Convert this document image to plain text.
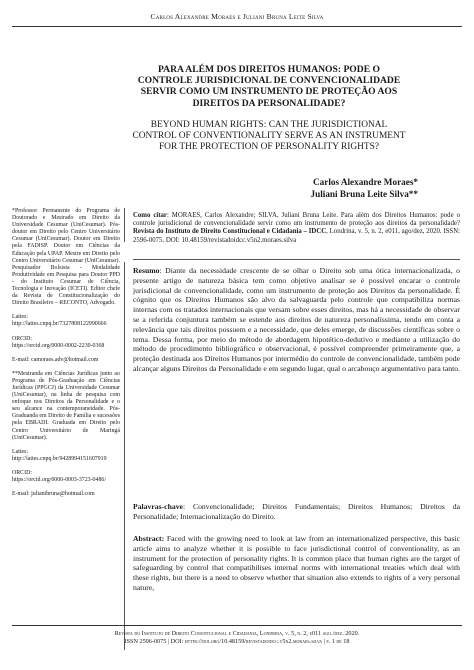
Carlos Alexandre Moraes e Juliani Bruna Leite Silva
PARA ALÉM DOS DIREITOS HUMANOS: PODE O CONTROLE JURISDICIONAL DE CONVENCIONALIDADE SERVIR COMO UM INSTRUMENTO DE PROTEÇÃO AOS DIREITOS DA PERSONALIDADE?
BEYOND HUMAN RIGHTS: CAN THE JURISDICTIONAL CONTROL OF CONVENTIONALITY SERVE AS AN INSTRUMENT FOR THE PROTECTION OF PERSONALITY RIGHTS?
Carlos Alexandre Moraes*
Juliani Bruna Leite Silva**

*Professor Permanente do Programa de Doutorado e Mestrado em Direito da Universidade Cesumar (UniCesumar). Pós-doutor em Direito pelo Centro Universitário Cesumar (UniCesumar). Doutor em Direito pela FADISP. Doutor em Ciências da Educação pela UPAP. Mestre em Direito pelo Centro Universitário Cesumar (UniCesumar). Pesquisador Bolsista - Modalidade Produtividade em Pesquisa para Doutor PPD - do Instituto Cesumar de Ciência, Tecnologia e Inovação (ICETI). Editor chefe da Revista de Constitucionalização do Direito Brasileiro – RECONTO, Advogado.

Lattes: http://lattes.cnpq.br/7327808122990666

ORCID:

https://orcid.org/0000-0002-2230-0368

E-mail: camoraes.adv@hotmail.com

**Mestranda em Ciências Jurídicas junto ao Programa de Pós-Graduação em Ciências Jurídicas (PPGCJ) da Universidade Cesumar (UniCesumar), na linha de pesquisa com enfoque nos Direitos da Personalidade e o seu alcance na contemporaneidade. Pós-Graduanda em Direito de Família e sucessões pela EBRADI. Graduada em Direito pelo Centro Universitário de Maringá (UniCesumar).

Lattes: http://lattes.cnpq.br/9428994151607919

ORCID:

https://orcid.org/0000-0003-3723-0486/

E-mail: julianibruna@hotmail.com

Como citar: MORAES, Carlos Alexandre; SILVA, Juliani Bruna Leite. Para além dos Direitos Humanos: pode o controle jurisdicional de convencionalidade servir como um instrumento de proteção aos direitos da personalidade? Revista do Instituto de Direito Constitucional e Cidadania – IDCC, Londrina, v. 5, n. 2, e011, ago/dez, 2020. ISSN: 2596-0075. DOI: 10.48159/revistadoidcc.v5n2.moraes.silva
Resumo: Diante da necessidade crescente de se olhar o Direito sob uma ótica internacionalizada, o presente artigo de natureza básica tem como objetivo analisar se é possível encarar o controle jurisdicional de convencionalidade, como um instrumento de proteção aos Direitos da personalidade. É cógnito que os Direitos Humanos são alvo da salvaguarda pelo controle que compatibiliza normas internas com os tratados internacionais que versam sobre esses direitos, mas há a necessidade de observar se a referida conjuntura também se estende aos direitos de natureza personalíssima, tendo em conta a relevância que tais direitos possuem e a necessidade, que deles emerge, de discussões científicas sobre o tema. Dessa forma, por meio do método de abordagem hipotético-dedutivo e mediante a utilização do método de procedimento bibliográfico e observacional, é possível compreender primeiramente que, a proteção destinada aos Direitos Humanos por intermédio do controle de convencionalidade, também pode alcançar alguns Direitos da Personalidade e em segundo lugar, qual o arcabouço argumentativo para tanto.
Palavras-chave: Convencionalidade; Direitos Fundamentais; Direitos Humanos; Direitos da Personalidade; Internacionalização do Direito.
Abstract: Faced with the growing need to look at law from an internationalized perspective, this basic article aims to analyze whether it is possible to face jurisdictional control of conventionality, as an instrument for the protection of personality rights. It is common place that human rights are the target of safeguarding by control that compatibilises internal norms with international treaties which deal with these rights, but there is a need to observe whether that situation also extends to rights of a very personal nature,
Revista do Instituto de Direito Constitucional e Cidadania, Londrina, v. 5, n. 2, e011 ago./dez. 2020.
ISSN 2596-0075 | DOI: https://doi.org/10.48159/revistadoidcc.v5n2.moraes.silva | p. 1 de 18
